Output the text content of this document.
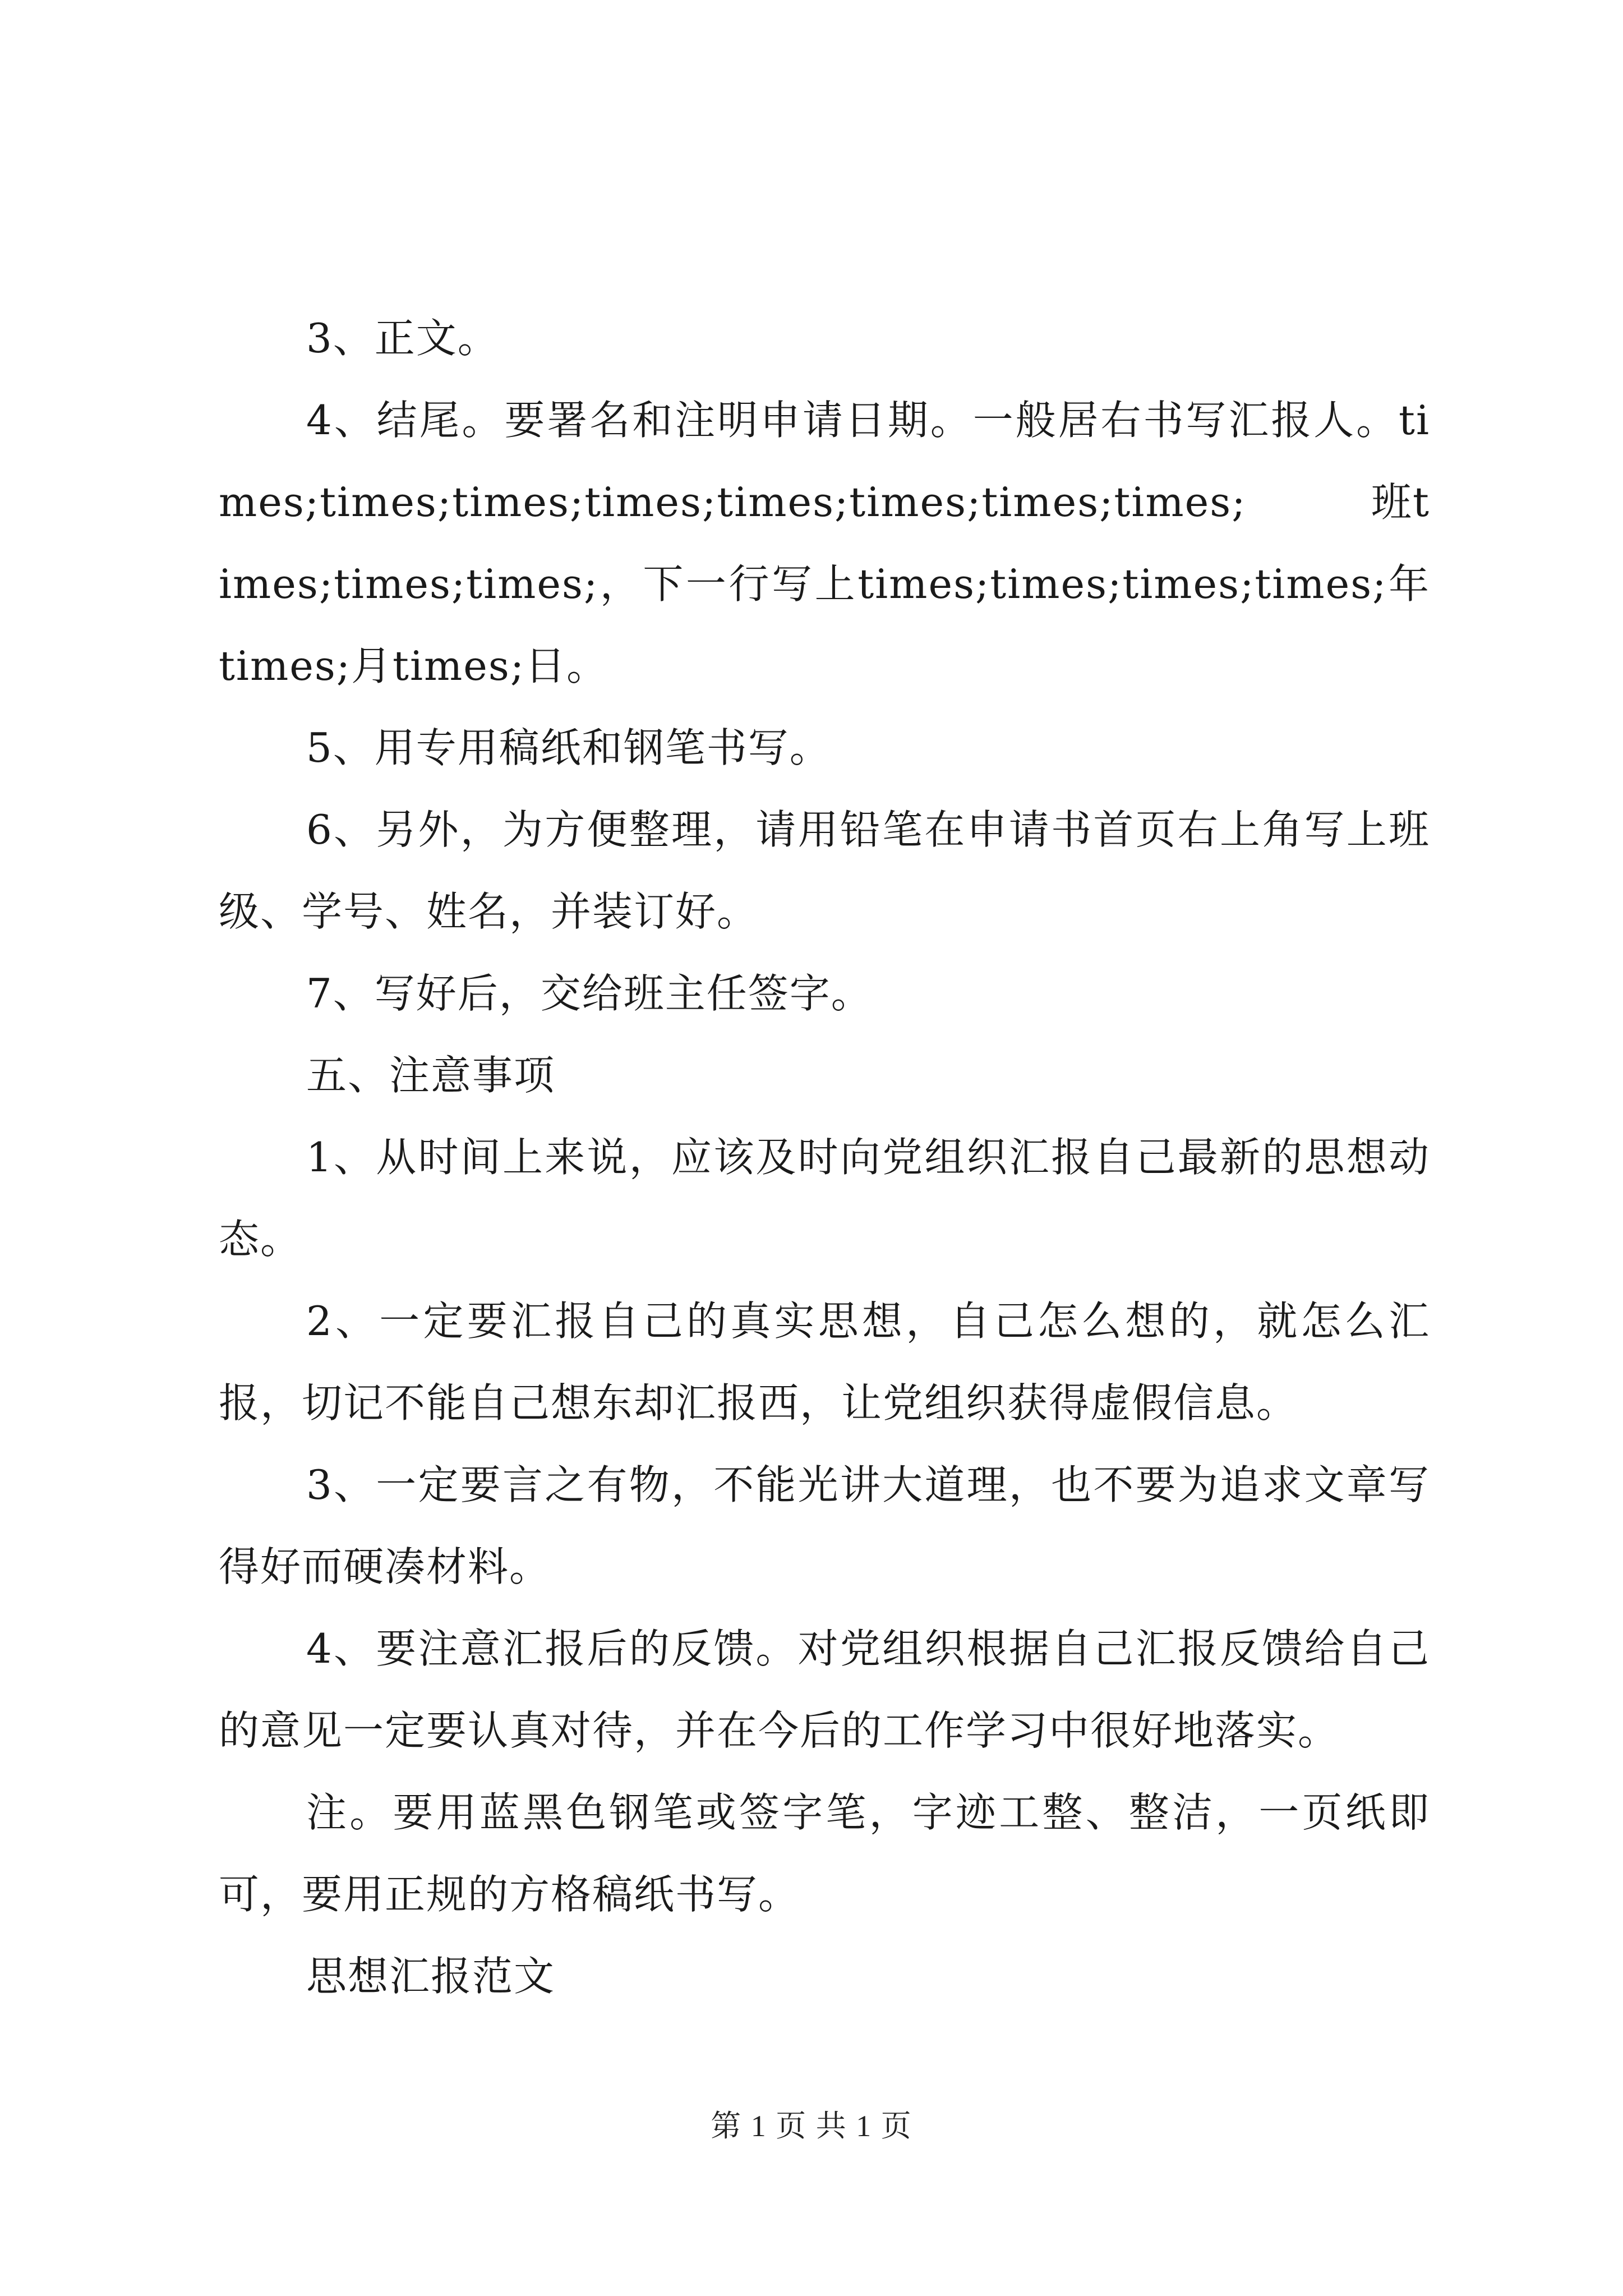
3、正文。

4、结尾。要署名和注明申请日期。一般居右书写汇报人。times;times;times;times;times;times;times;times;　　　班times;times;times;，下一行写上times;times;times;times;年times;月times;日。

5、用专用稿纸和钢笔书写。

6、另外，为方便整理，请用铅笔在申请书首页右上角写上班级、学号、姓名，并装订好。

7、写好后，交给班主任签字。

五、注意事项

1、从时间上来说，应该及时向党组织汇报自己最新的思想动态。

2、一定要汇报自己的真实思想，自己怎么想的，就怎么汇报，切记不能自己想东却汇报西，让党组织获得虚假信息。

3、一定要言之有物，不能光讲大道理，也不要为追求文章写得好而硬凑材料。

4、要注意汇报后的反馈。对党组织根据自己汇报反馈给自己的意见一定要认真对待，并在今后的工作学习中很好地落实。

注。要用蓝黑色钢笔或签字笔，字迹工整、整洁，一页纸即可，要用正规的方格稿纸书写。

思想汇报范文

第 1 页 共 1 页
